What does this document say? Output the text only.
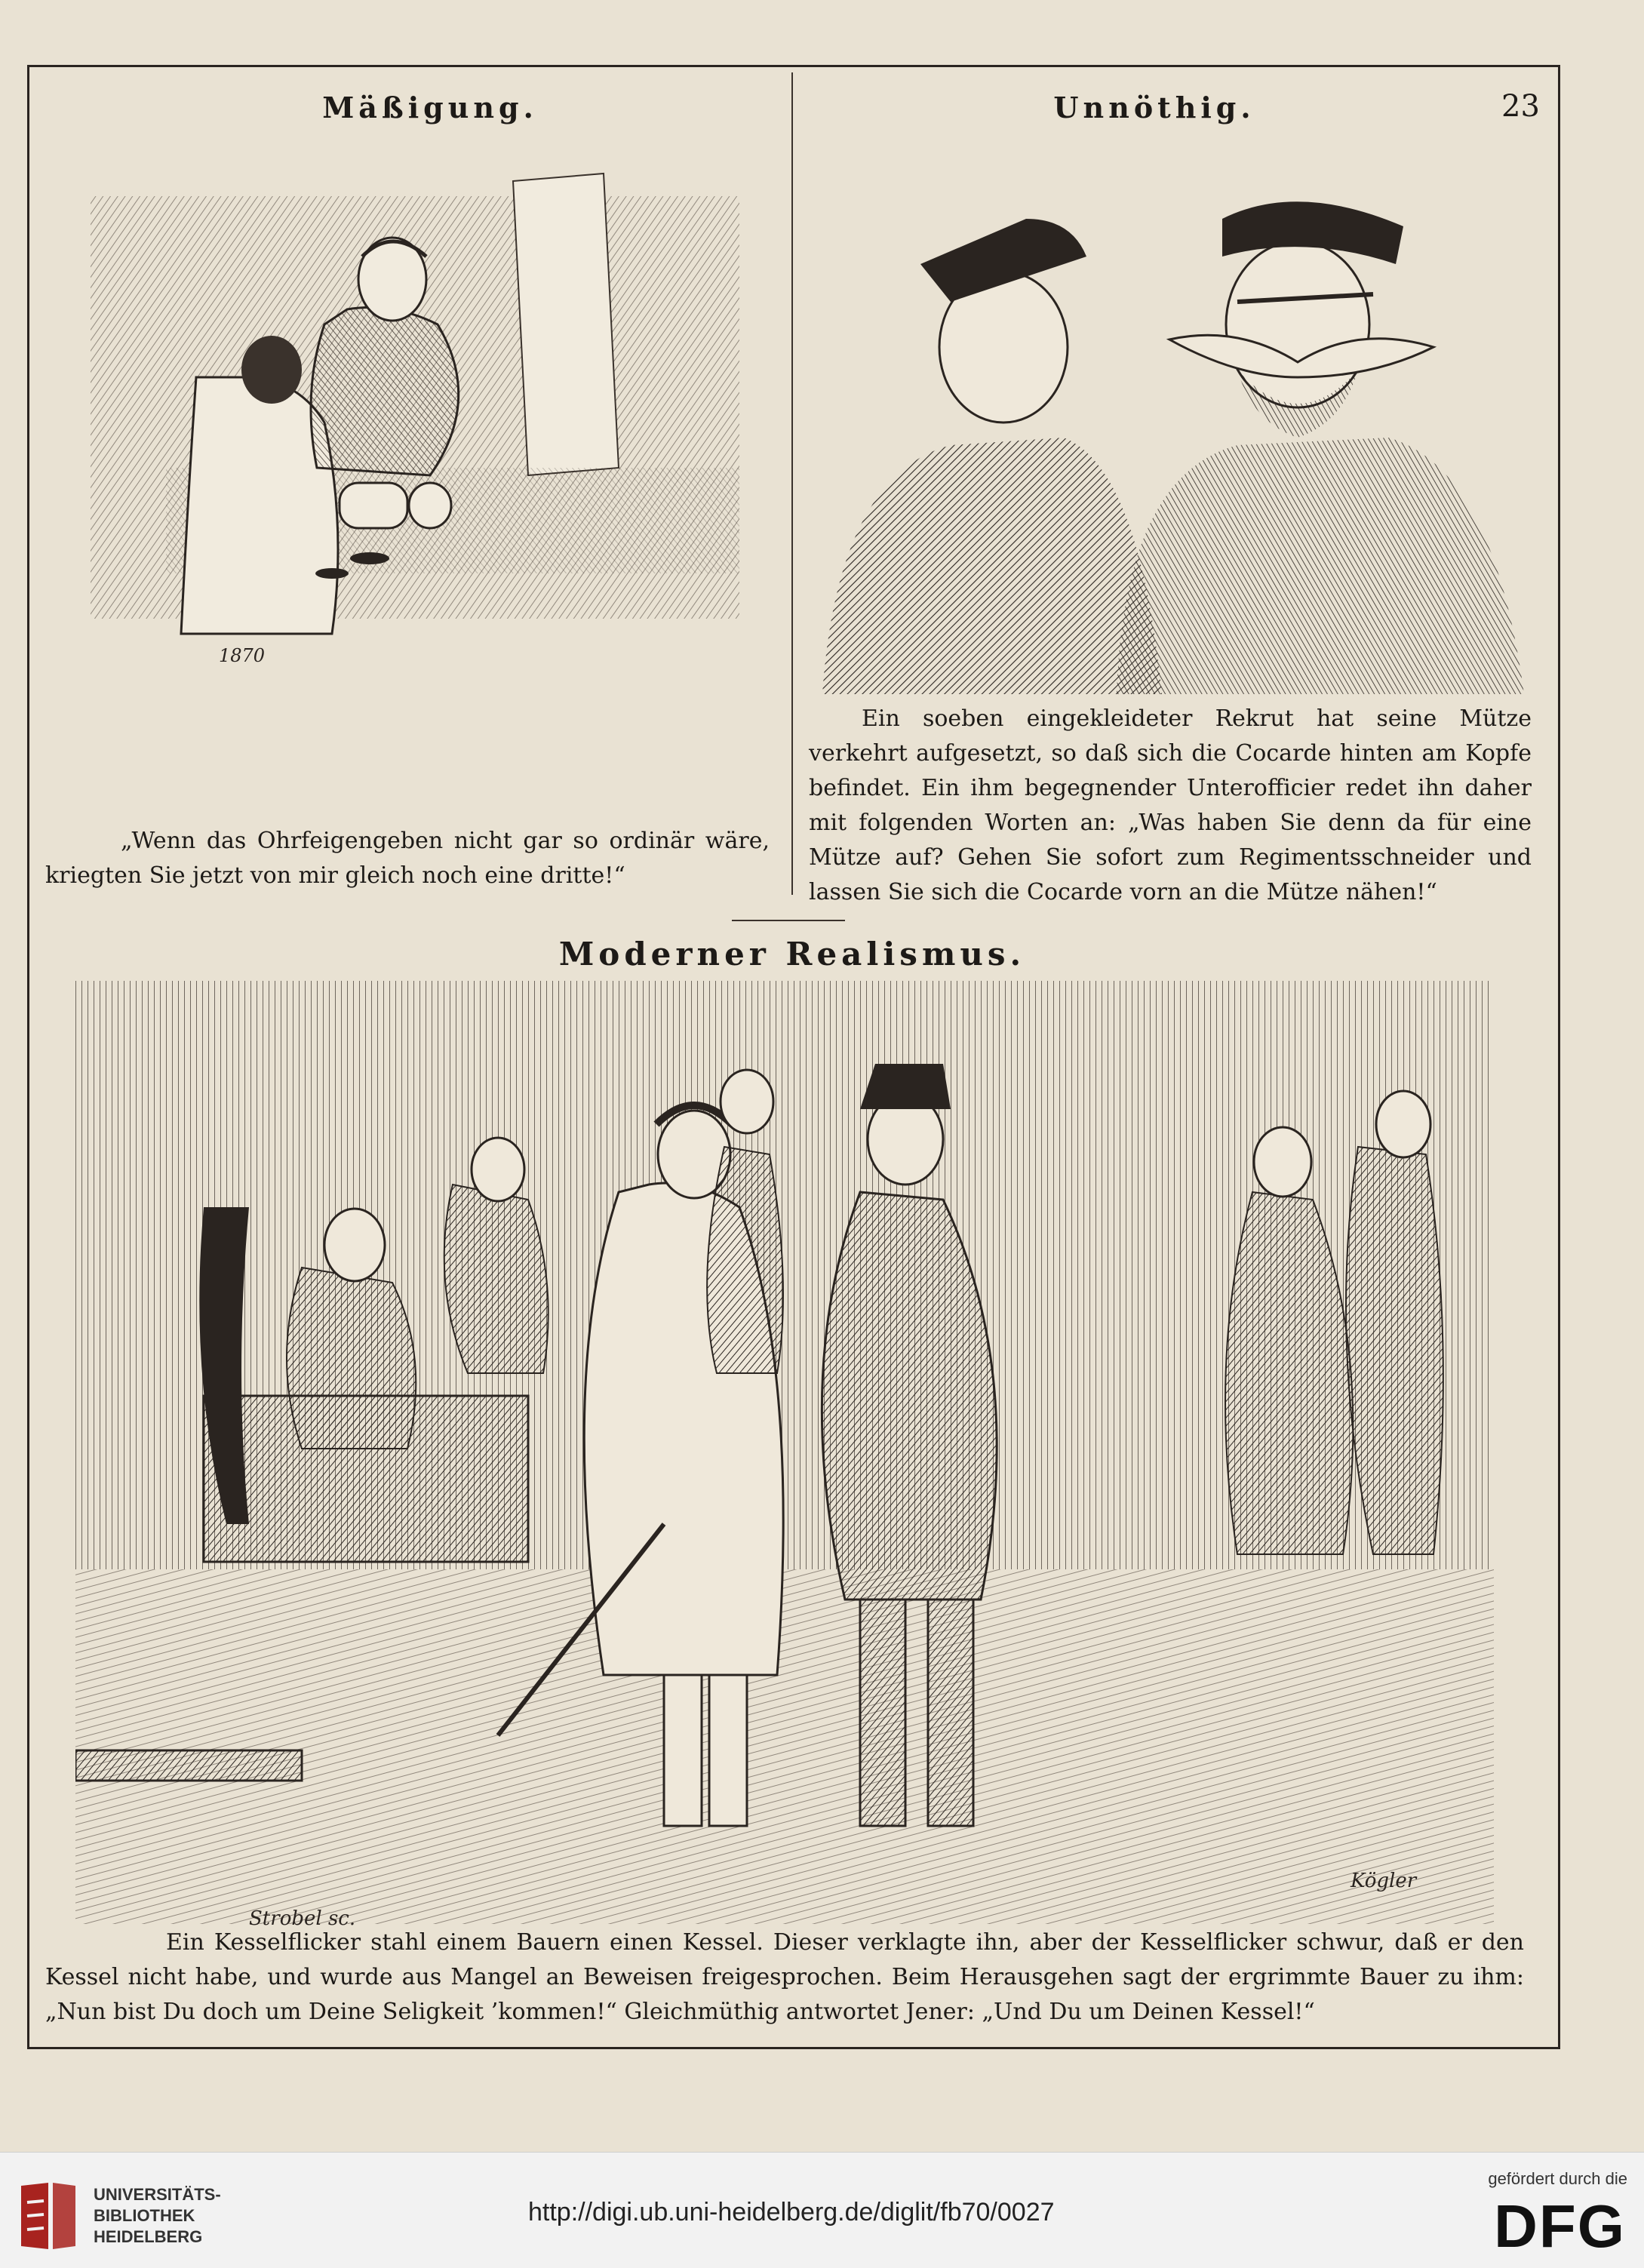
Mäßigung.	Unnöthig.	23

1870

„Wenn das Ohrfeigengeben nicht gar so ordinär wäre, kriegten Sie jetzt von mir gleich noch eine dritte!“

Ein soeben eingekleideter Rekrut hat seine Mütze verkehrt aufgesetzt, so daß sich die Cocarde hinten am Kopfe befindet. Ein ihm begegnender Unterofficier redet ihn daher mit folgenden Worten an: „Was haben Sie denn da für eine Mütze auf? Gehen Sie sofort zum Regimentsschneider und lassen Sie sich die Cocarde vorn an die Mütze nähen!“

Moderner Realismus.
Strobel sc.
Kögler

Ein Kesselflicker stahl einem Bauern einen Kessel. Dieser verklagte ihn, aber der Kesselflicker schwur, daß er den Kessel nicht habe, und wurde aus Mangel an Beweisen freigesprochen. Beim Herausgehen sagt der ergrimmte Bauer zu ihm: „Nun bist Du doch um Deine Seligkeit ’kommen!“ Gleichmüthig antwortet Jener: „Und Du um Deinen Kessel!“

UNIVERSITÄTS-
BIBLIOTHEK
HEIDELBERG

http://digi.ub.uni-heidelberg.de/diglit/fb70/0027

gefördert durch die

DFG
